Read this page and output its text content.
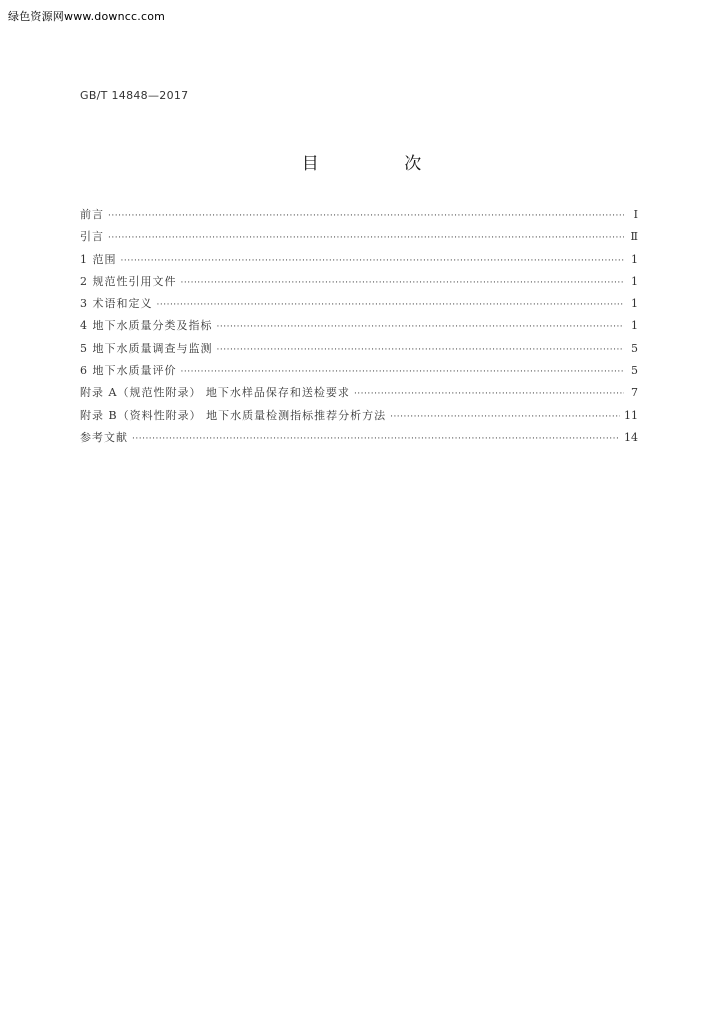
绿色资源网www.downcc.com
GB/T 14848—2017
目 次
前言 ·····	I
引言 ·····	Ⅱ
1 范围 ·····	1
2 规范性引用文件 ·····	1
3 术语和定义 ·····	1
4 地下水质量分类及指标 ·····	1
5 地下水质量调查与监测 ·····	5
6 地下水质量评价 ·····	5
附录 A（规范性附录） 地下水样品保存和送检要求 ·····	7
附录 B（资料性附录） 地下水质量检测指标推荐分析方法 ·····	11
参考文献 ·····	14
